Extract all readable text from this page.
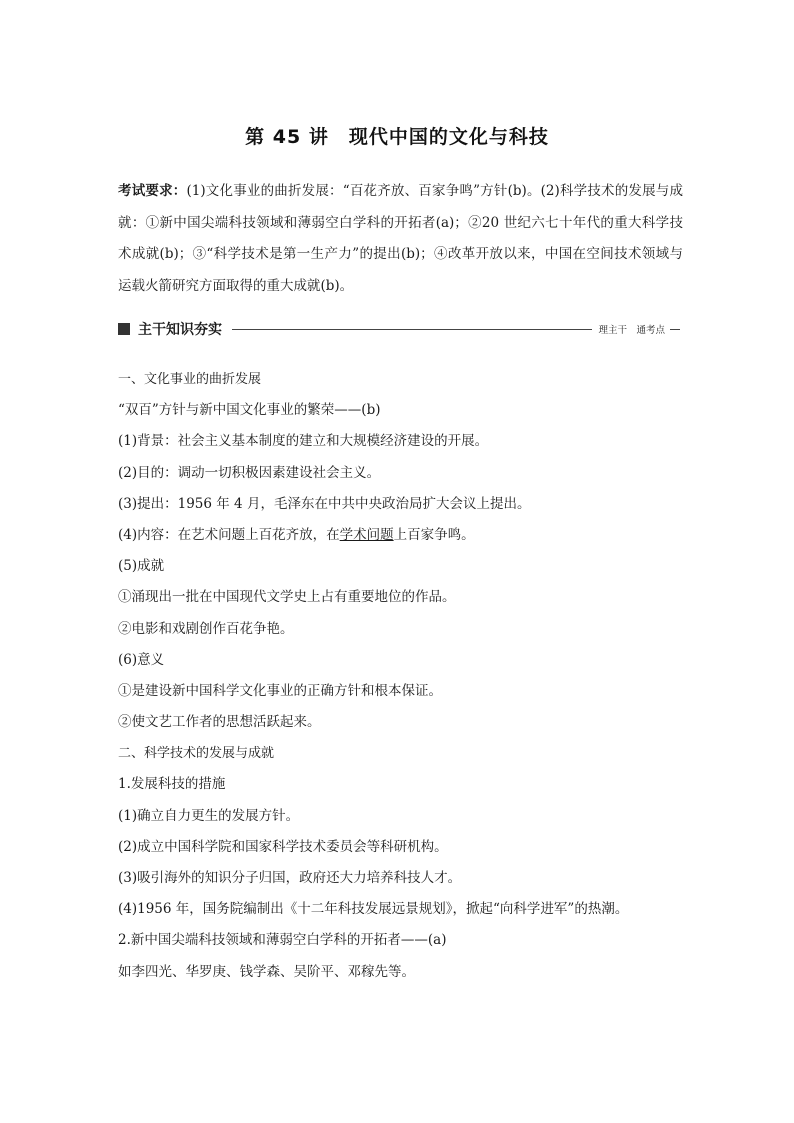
第 45 讲　现代中国的文化与科技
考试要求：(1)文化事业的曲折发展：“百花齐放、百家争鸣”方针(b)。(2)科学技术的发展与成就：①新中国尖端科技领域和薄弱空白学科的开拓者(a)；②20 世纪六七十年代的重大科学技术成就(b)；③“科学技术是第一生产力”的提出(b)；④改革开放以来，中国在空间技术领域与运载火箭研究方面取得的重大成就(b)。
主干知识夯实	理主干　通考点
一、文化事业的曲折发展
“双百”方针与新中国文化事业的繁荣——(b)
(1)背景：社会主义基本制度的建立和大规模经济建设的开展。
(2)目的：调动一切积极因素建设社会主义。
(3)提出：1956 年 4 月，毛泽东在中共中央政治局扩大会议上提出。
(4)内容：在艺术问题上百花齐放，在学术问题上百家争鸣。
(5)成就
①涌现出一批在中国现代文学史上占有重要地位的作品。
②电影和戏剧创作百花争艳。
(6)意义
①是建设新中国科学文化事业的正确方针和根本保证。
②使文艺工作者的思想活跃起来。
二、科学技术的发展与成就
1.发展科技的措施
(1)确立自力更生的发展方针。
(2)成立中国科学院和国家科学技术委员会等科研机构。
(3)吸引海外的知识分子归国，政府还大力培养科技人才。
(4)1956 年，国务院编制出《十二年科技发展远景规划》，掀起“向科学进军”的热潮。
2.新中国尖端科技领域和薄弱空白学科的开拓者——(a)
如李四光、华罗庚、钱学森、吴阶平、邓稼先等。
